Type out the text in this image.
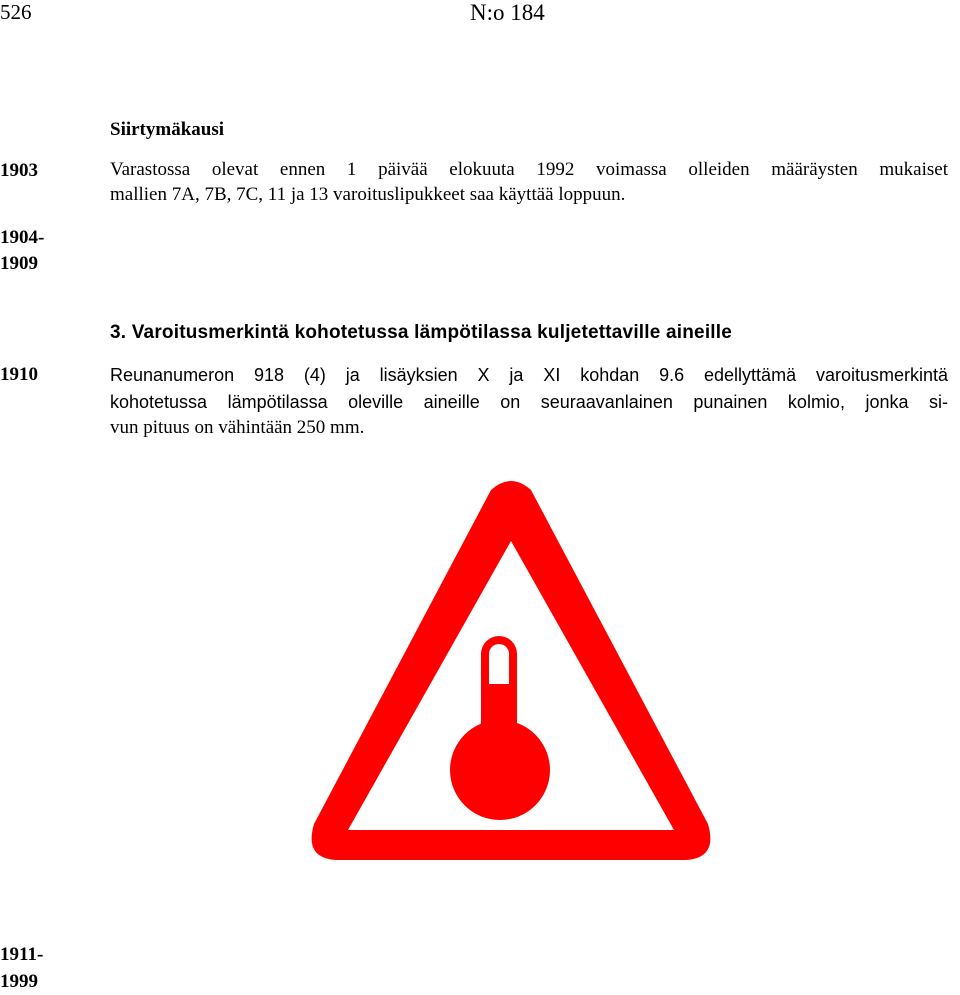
526	N:o 184
1903
1904-
1909
1910
1911-
1999
Siirtymäkausi
Varastossa olevat ennen 1 päivää elokuuta 1992 voimassa olleiden määräysten mukaiset
mallien 7A, 7B, 7C, 11 ja 13 varoituslipukkeet saa käyttää loppuun.
3. Varoitusmerkintä kohotetussa lämpötilassa kuljetettaville aineille
Reunanumeron 918 (4) ja lisäyksien X ja XI kohdan 9.6 edellyttämä varoitusmerkintä
kohotetussa lämpötilassa oleville aineille on seuraavanlainen punainen kolmio, jonka si-
vun pituus on vähintään 250 mm.
